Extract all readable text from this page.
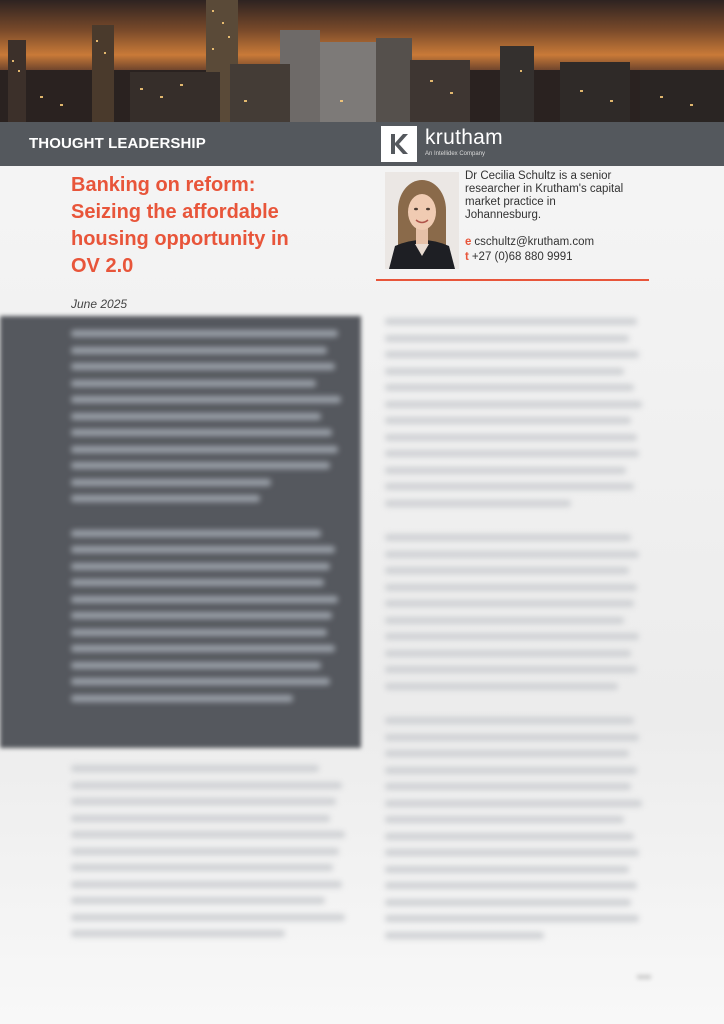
THOUGHT LEADERSHIP	krutham
An Intellidex Company
Banking on reform:
Seizing the affordable
housing opportunity in
OV 2.0
June 2025

Dr Cecilia Schultz is a senior
researcher in Krutham's capital
market practice in
Johannesburg.

e cschultz@krutham.com
t +27 (0)68 880 9991
